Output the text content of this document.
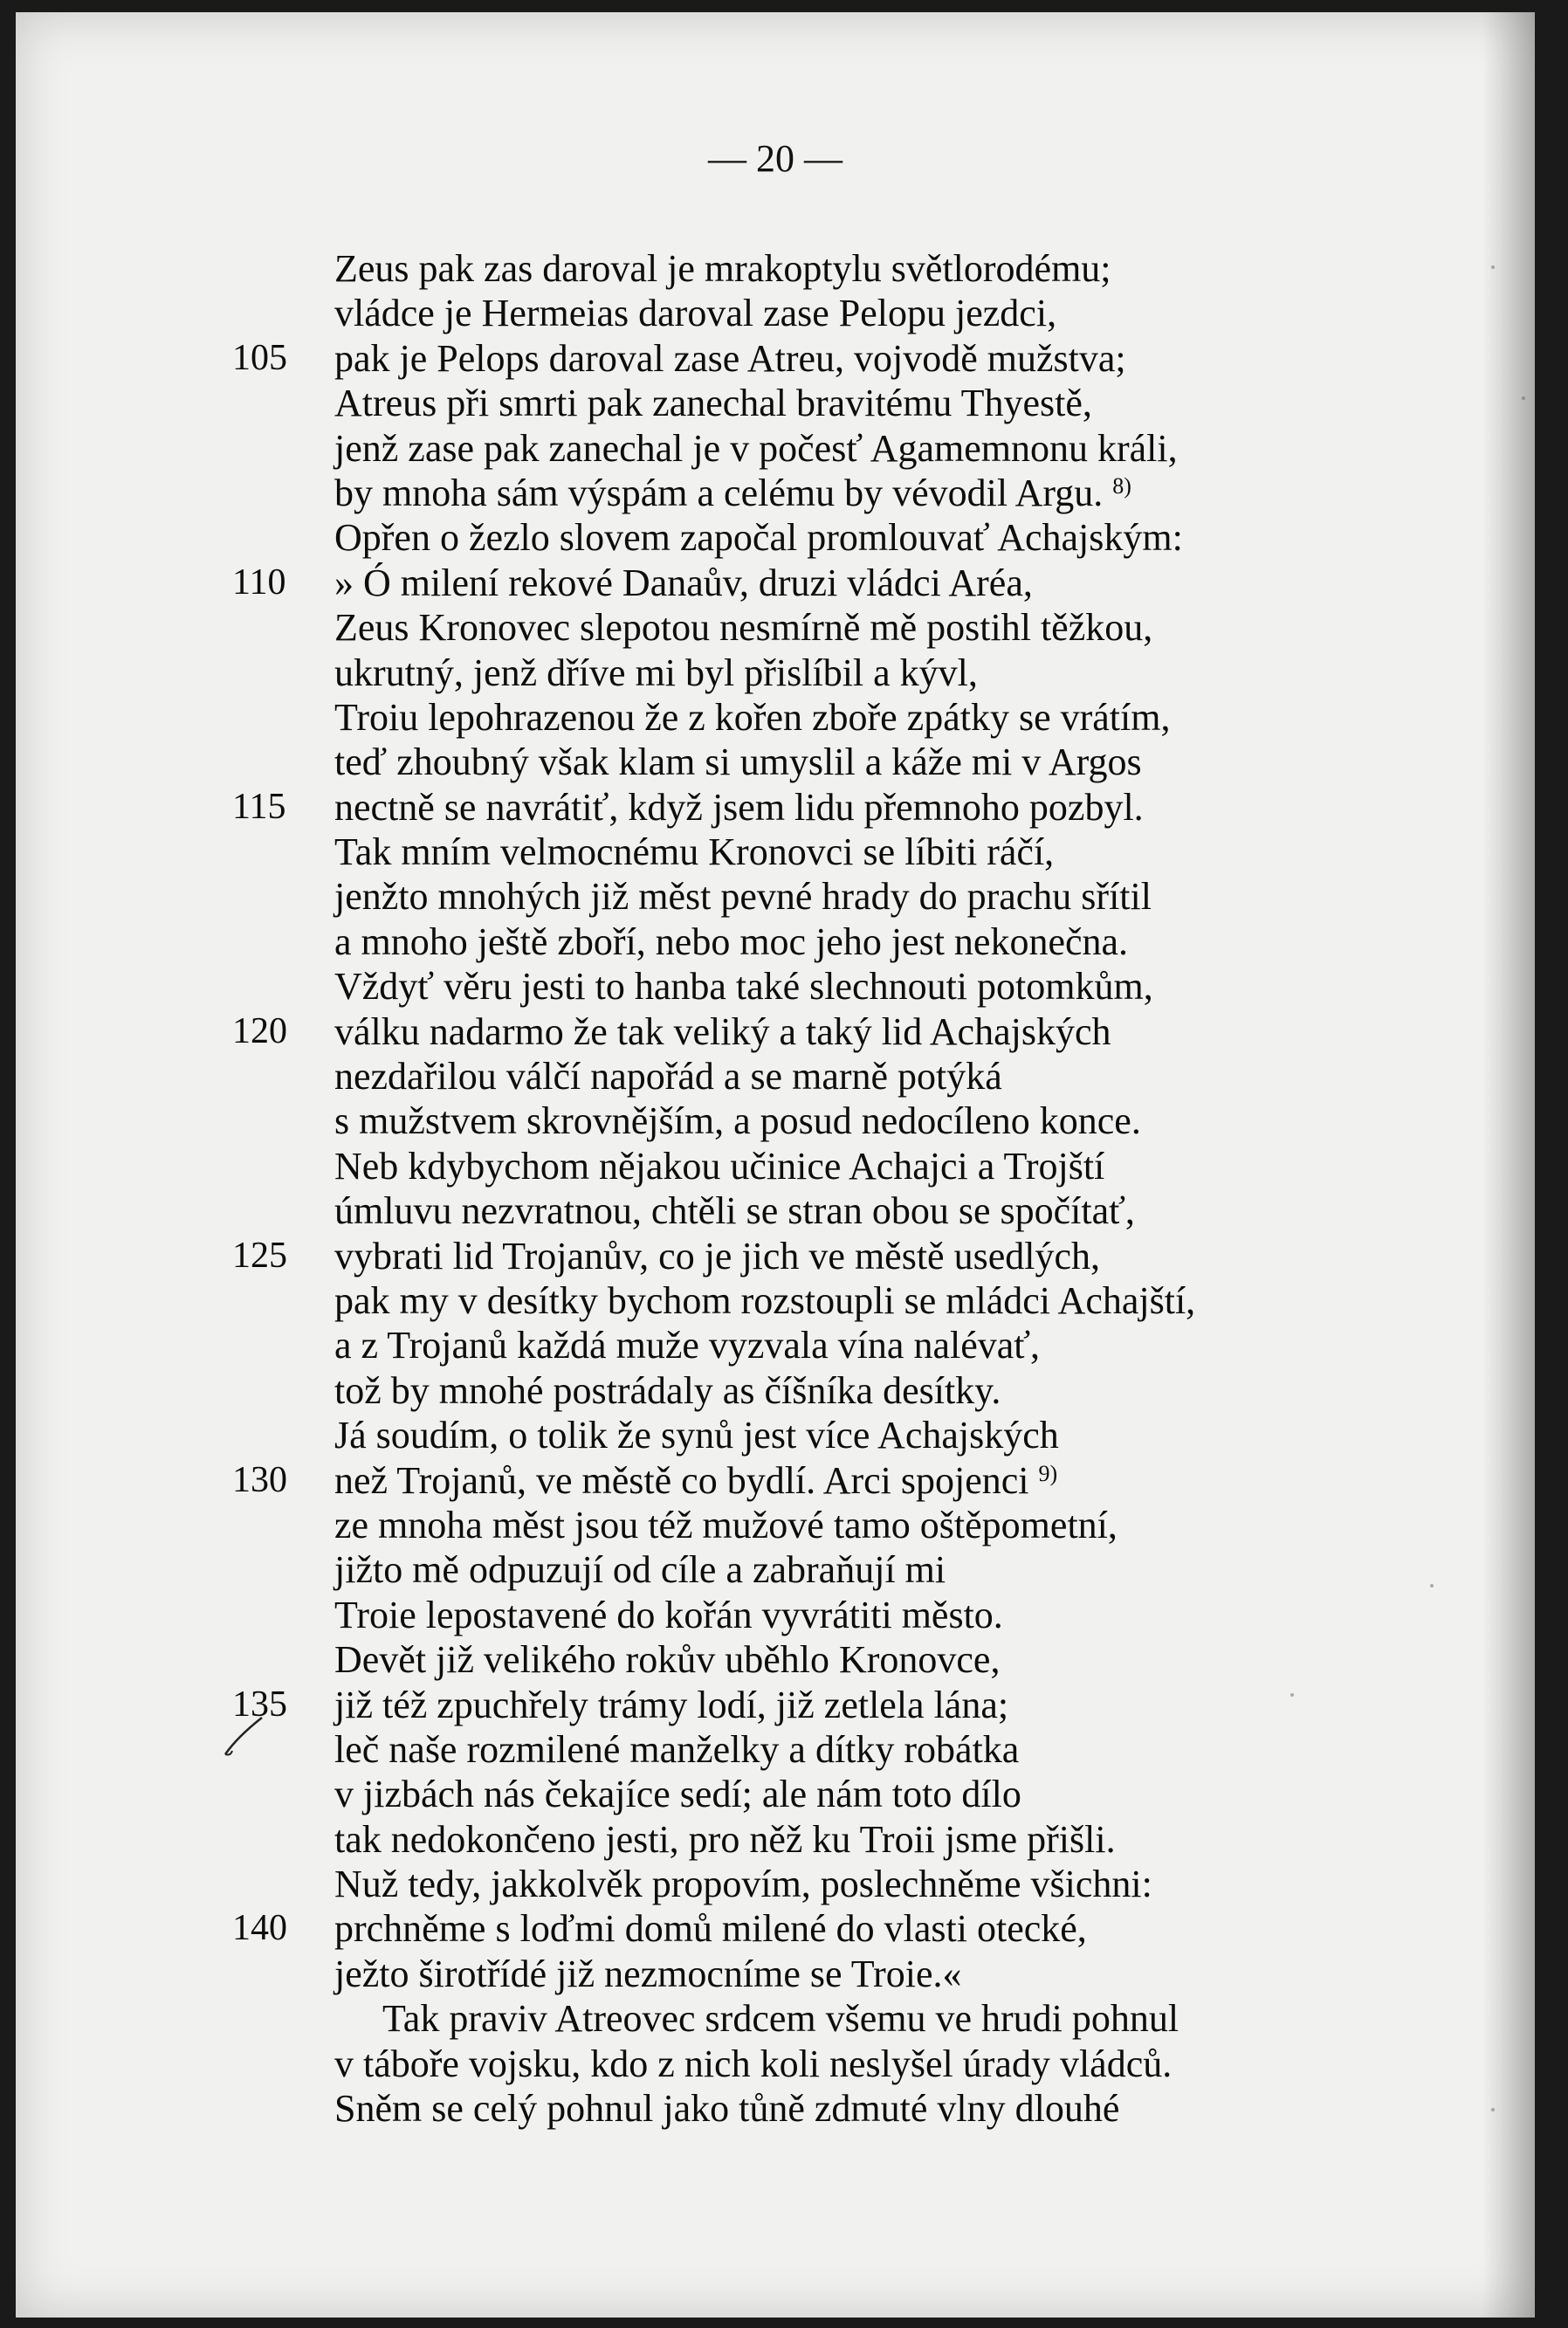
— 20 —
Zeus pak zas daroval je mrakoptylu světlorodému;
vládce je Hermeias daroval zase Pelopu jezdci,
105	pak je Pelops daroval zase Atreu, vojvodě mužstva;
Atreus při smrti pak zanechal bravitému Thyestě,
jenž zase pak zanechal je v počesť Agamemnonu králi,
by mnoha sám výspám a celému by vévodil Argu. $^{8)}$
Opřen o žezlo slovem započal promlouvať Achajským:
110	» Ó milení rekové Danaův, druzi vládci Aréa,
Zeus Kronovec slepotou nesmírně mě postihl těžkou,
ukrutný, jenž dříve mi byl přislíbil a kývl,
Troiu lepohrazenou že z kořen zboře zpátky se vrátím,
teď zhoubný však klam si umyslil a káže mi v Argos
115	nectně se navrátiť, když jsem lidu přemnoho pozbyl.
Tak mním velmocnému Kronovci se líbiti ráčí,
jenžto mnohých již měst pevné hrady do prachu sřítil
a mnoho ještě zboří, nebo moc jeho jest nekonečna.
Vždyť věru jesti to hanba také slechnouti potomkům,
120	válku nadarmo že tak veliký a taký lid Achajských
nezdařilou válčí napořád a se marně potýká
s mužstvem skrovnějším, a posud nedocíleno konce.
Neb kdybychom nějakou učinice Achajci a Trojští
úmluvu nezvratnou, chtěli se stran obou se spočítať,
125	vybrati lid Trojanův, co je jich ve městě usedlých,
pak my v desítky bychom rozstoupli se mládci Achajští,
a z Trojanů každá muže vyzvala vína nalévať,
tož by mnohé postrádaly as číšníka desítky.
Já soudím, o tolik že synů jest více Achajských
130	než Trojanů, ve městě co bydlí. Arci spojenci $^{9)}$
ze mnoha měst jsou též mužové tamo oštěpometní,
jižto mě odpuzují od cíle a zabraňují mi
Troie lepostavené do kořán vyvrátiti město.
Devět již velikého rokův uběhlo Kronovce,
135	již též zpuchřely trámy lodí, již zetlela lána;
leč naše rozmilené manželky a dítky robátka
v jizbách nás čekajíce sedí; ale nám toto dílo
tak nedokončeno jesti, pro něž ku Troii jsme přišli.
Nuž tedy, jakkolvěk propovím, poslechněme všichni:
140	prchněme s loďmi domů milené do vlasti otecké,
ježto širotřídé již nezmocníme se Troie.«
Tak praviv Atreovec srdcem všemu ve hrudi pohnul
v táboře vojsku, kdo z nich koli neslyšel úrady vládců.
Sněm se celý pohnul jako tůně zdmuté vlny dlouhé
